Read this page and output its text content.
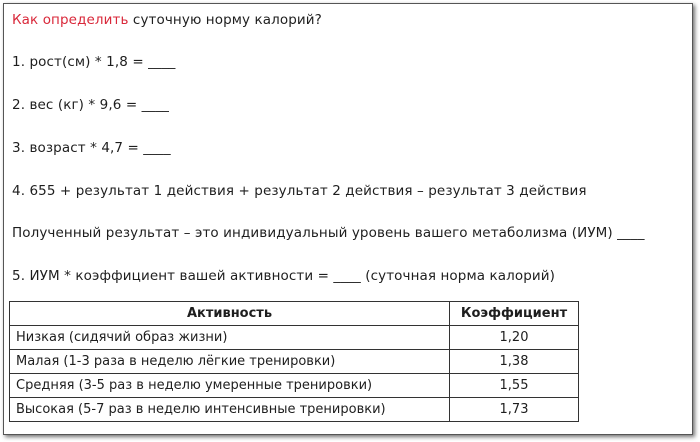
Как определить суточную норму калорий?
1. рост(см) * 1,8 = ____
2. вес (кг) * 9,6 = ____
3. возраст * 4,7 = ____
4. 655 + результат 1 действия + результат 2 действия – результат 3 действия
Полученный результат – это индивидуальный уровень вашего метаболизма (ИУМ) ____
5. ИУМ * коэффициент вашей активности = ____ (суточная норма калорий)
Активность	Коэффициент
Низкая (сидячий образ жизни)	1,20
Малая (1-3 раза в неделю лёгкие тренировки)	1,38
Средняя (3-5 раз в неделю умеренные тренировки)	1,55
Высокая (5-7 раз в неделю интенсивные тренировки)	1,73
